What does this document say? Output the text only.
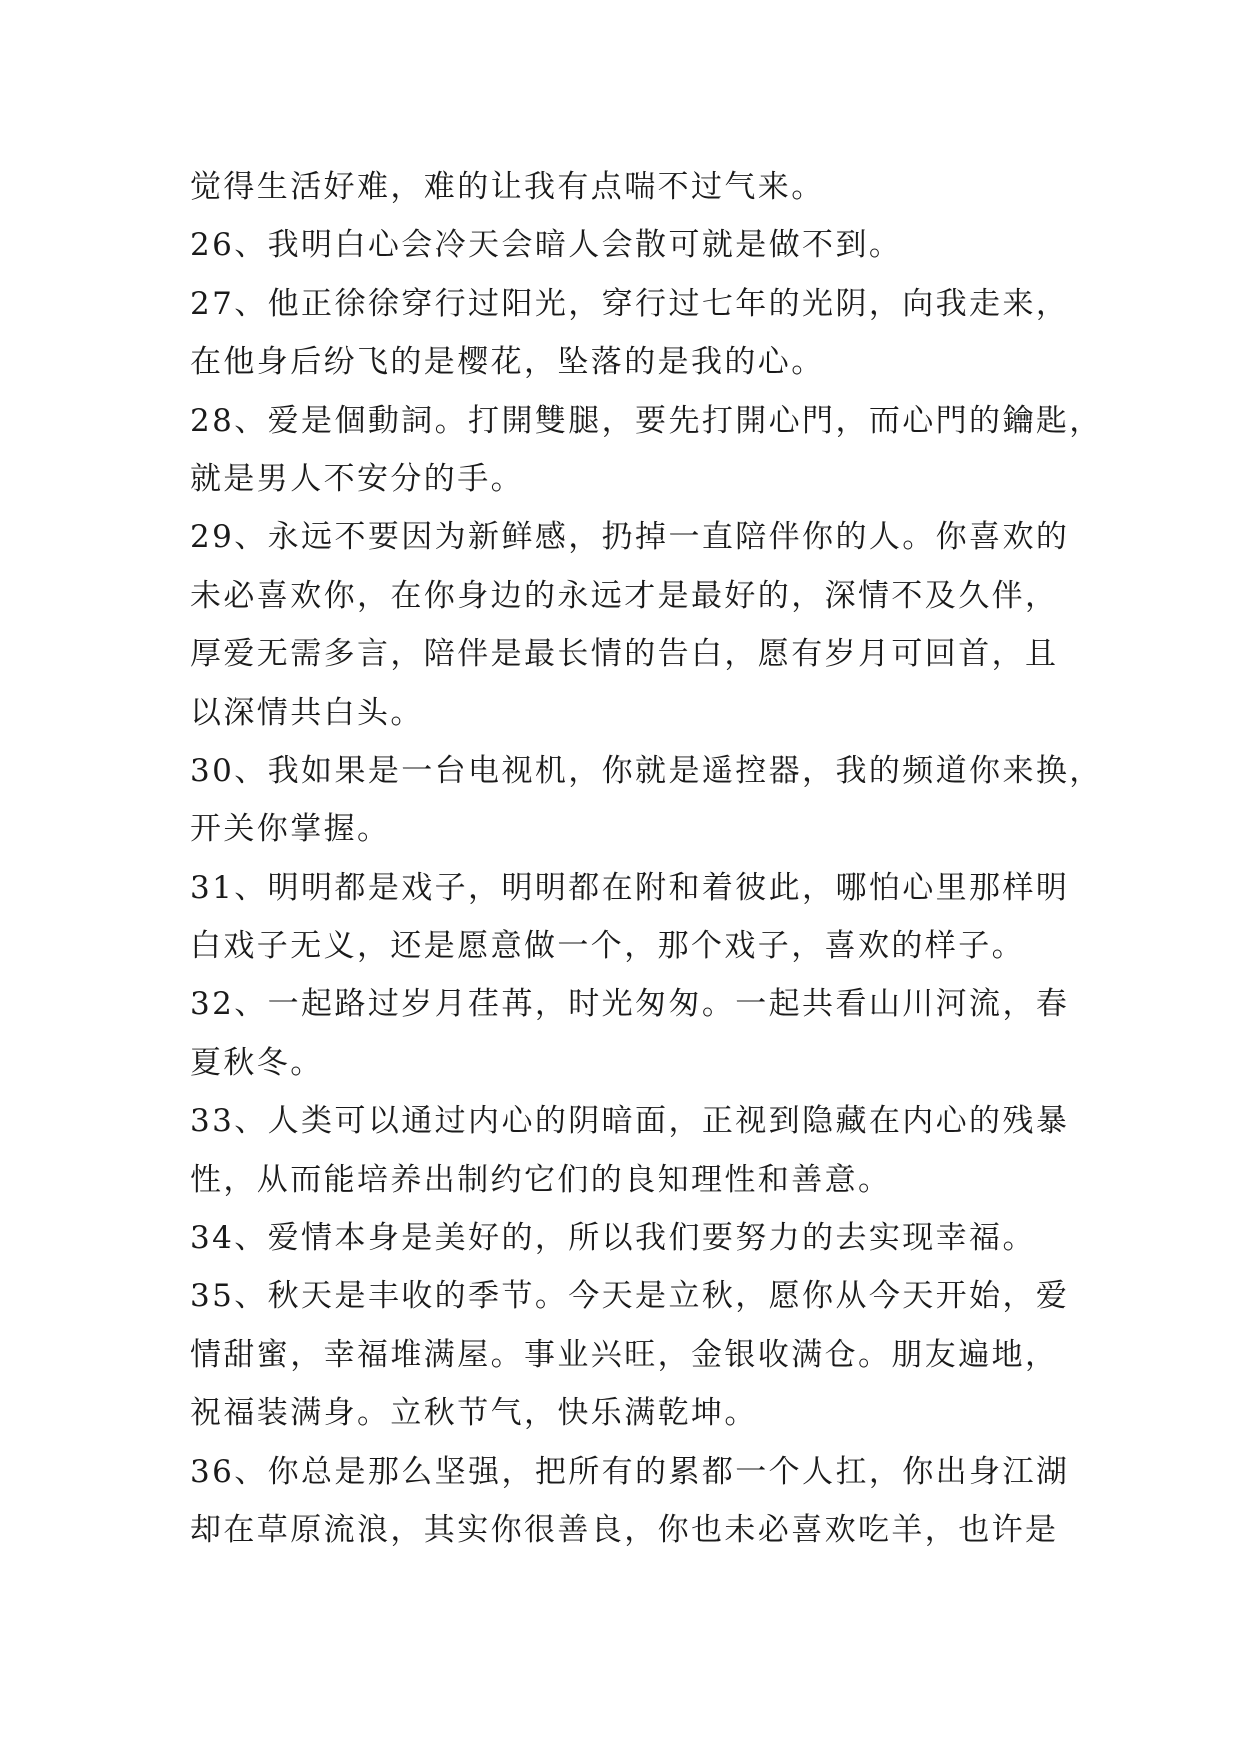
觉得生活好难，难的让我有点喘不过气来。

26、我明白心会冷天会暗人会散可就是做不到。

27、他正徐徐穿行过阳光，穿行过七年的光阴，向我走来，

在他身后纷飞的是樱花，坠落的是我的心。

28、爱是個動詞。打開雙腿，要先打開心門，而心門的鑰匙，

就是男人不安分的手。

29、永远不要因为新鲜感，扔掉一直陪伴你的人。你喜欢的

未必喜欢你，在你身边的永远才是最好的，深情不及久伴，

厚爱无需多言，陪伴是最长情的告白，愿有岁月可回首，且

以深情共白头。

30、我如果是一台电视机，你就是遥控器，我的频道你来换，

开关你掌握。

31、明明都是戏子，明明都在附和着彼此，哪怕心里那样明

白戏子无义，还是愿意做一个，那个戏子，喜欢的样子。

32、一起路过岁月荏苒，时光匆匆。一起共看山川河流，春

夏秋冬。

33、人类可以通过内心的阴暗面，正视到隐藏在内心的残暴

性，从而能培养出制约它们的良知理性和善意。

34、爱情本身是美好的，所以我们要努力的去实现幸福。

35、秋天是丰收的季节。今天是立秋，愿你从今天开始，爱

情甜蜜，幸福堆满屋。事业兴旺，金银收满仓。朋友遍地，

祝福装满身。立秋节气，快乐满乾坤。

36、你总是那么坚强，把所有的累都一个人扛，你出身江湖

却在草原流浪，其实你很善良，你也未必喜欢吃羊，也许是
